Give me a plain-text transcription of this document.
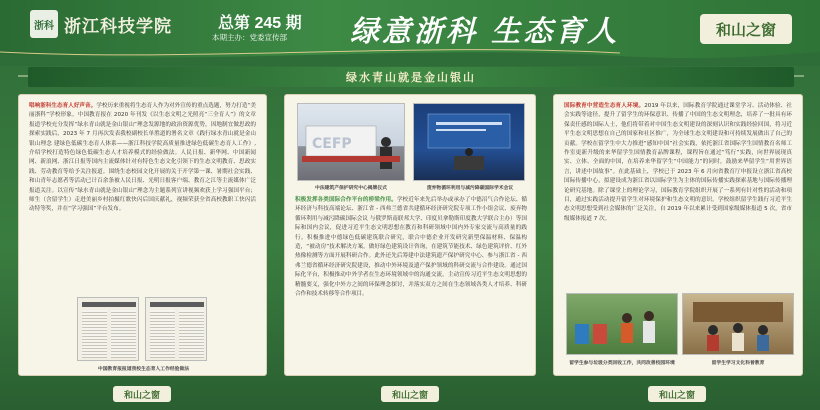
浙科 浙江科技学院	总第 245 期
本期主办：党委宣传部 绿意浙科 生态育人	和山之窗
绿水青山就是金山银山
唱响浙科生态育人好声音。学校历来重视将生态育人作为对外宣传的重点选题，努力打造“美丽浙科”学校形象。中国教育报在 2020 年刊发《以生态文明之光照亮“三全育人”》的文章报道学校充分发挥“绿水青山就是金山银山”理念发源地的政治资源优势，因地制宜做思政的探索实践后，2023 年 7 月再次发表我校副校长单胜道的署名文章《践行绿水青山就是金山银山理念 建绿色低碳生态育人体系——浙江科技学院高质量推进绿色低碳生态育人工作》,介绍学校打造特色绿色低碳生态人才培养模式的经验做法。人民日报、新华网、中国新闻网、新浪网、浙江日报等国内主流媒体针对有特色生态文化引领下的生态文明教育、思政实践、劳动教育等给予关注报道。围绕生态校园文化开展的关于开学第一课、暑期社会实践、和山青年志愿者等活动已计百余条被人民日报、光明日报客户端、教育之江等主流媒体广泛报道关注。以宣传“绿水青山就是金山银山”理念为主题系列宣讲视频欢获上学习强国平台；师生（含留学生）走进美丽乡村拍摄红歌快闪后国庆献礼，视频荣获全省高校教职工快闪活动特等奖，并在“学习强国”平台发布。
中国教育报报道我校生态育人工作经验做法
CEFP
中法建筑产保护研究中心揭牌仪式	废弃物循环利用与减污降碳国际学术会议
积极发挥各类国际合作平台的桥梁作用。学校近年来先后举办或承办了中德沼气合作论坛、循环经济与科技高端论坛、浙江省 - 西弗兰德省共建循环经济研究院专项工作小组会议、废弃物循环利用与减污降碳国际会议 与俄罗斯南联邦大学、印度贝拿勒斯印度教大学联合主办）等国际和国内会议，促进习近平生态文明思想在教育和科研领域中国内外专家交流与高质量的践行。积极推进中德绿色低碳建筑联合研究，联合中德企业开发研究新型保温材料、保温构造，“被动房”技术解决方案，做好绿色建筑设计咨询，在建筑节能技术、绿色建筑评价、红外热像检测等方面开展科研合作。此外还先后筹建中法建筑遗产保护研究中心、参与浙江省 - 西弗兰德省循环经济研究院建设，推动中外环境及遗产保护领域的科研交流与合作建设。通过国际化平台，积极推动中外学者在生态环境领域中的沟通交流，主动宣传习近平生态文明思想的精髓要义，强化中外方之间的环保理念探讨，并落实双方之间在生态领域各类人才培养、科研合作和技术转移等合作项目。
国际教育中营造生态育人环境。2019 年以来，国际教育学院通过课堂学习、活动体验、社会实践等途径，提升了留学生的环保意识、传播了中国的生态文明理念，培养了一批具有环保责任感的国际人士，他们将带着对中国生态文明建设的深刻认识和实践经验回国，将习近平生态文明思想在自己的国家和社区推广，为全球生态文明建设和可持续发展做出了自己的贡献。学校在留学生中大力推进“感知中国”社会实践，依托浙江省国际学生国情教育名师工作室更新升级的来华留学生国情教育品牌课程，课程旨在通过“笃行”实践，向世界展现真实、立体、全面的中国，在培养来华留学生“中国能力”的同时，鼓励来华留学生“用世界语言，讲述中国故事”。在此基础上，学校已于 2023 年 6 月向省教育厅申报设立浙江省高校国际传播中心，拟建设成为浙江省以国际学生为主体的国际传播实践探索基地与国际传播理论研究基地。除了课堂上的理论学习，国际教育学院组织开展了一系列有针对性的活动和项目，通过实践活动提升留学生对环境保护和生态文明的意识。学校组织留学生践行习近平生态文明思想受到社会媒体的广泛关注，自 2019 年以来累计受到国家级媒体报道 5 次，省市级媒体报道 7 次。
留学生参与垃圾分类回收工作，共同改善校园环境	留学生学习文化科普教育
和山之窗	和山之窗	和山之窗
